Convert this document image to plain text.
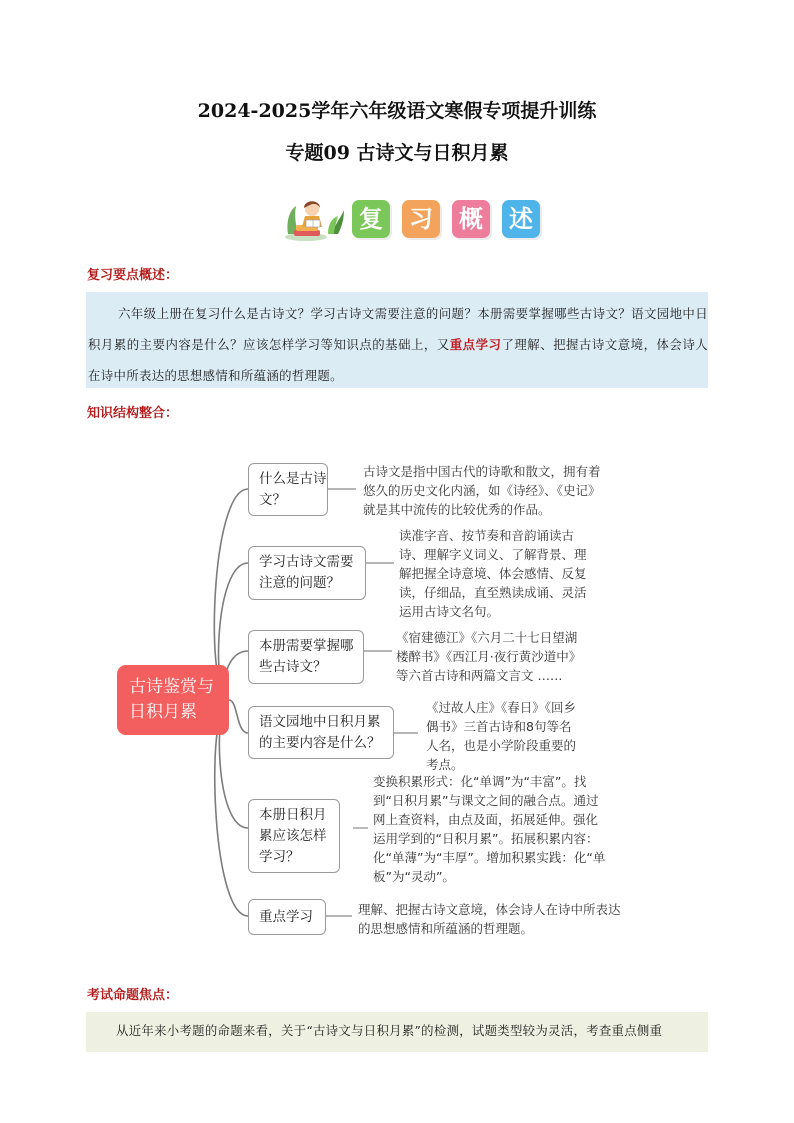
2024-2025学年六年级语文寒假专项提升训练
专题09 古诗文与日积月累
复 习 概 述
复习要点概述：
六年级上册在复习什么是古诗文？学习古诗文需要注意的问题？本册需要掌握哪些古诗文？语文园地中日积月累的主要内容是什么？应该怎样学习等知识点的基础上，又重点学习了理解、把握古诗文意境，体会诗人在诗中所表达的思想感情和所蕴涵的哲理题。
知识结构整合：
古诗鉴赏与日积月累
什么是古诗文？
古诗文是指中国古代的诗歌和散文，拥有着悠久的历史文化内涵，如《诗经》、《史记》就是其中流传的比较优秀的作品。
学习古诗文需要注意的问题？
读准字音、按节奏和音韵诵读古诗、理解字义词义、了解背景、理解把握全诗意境、体会感情、反复读，仔细品，直至熟读成诵、灵活运用古诗文名句。
本册需要掌握哪些古诗文？
《宿建德江》《六月二十七日望湖楼醉书》《西江月·夜行黄沙道中》等六首古诗和两篇文言文 ……
语文园地中日积月累的主要内容是什么？
《过故人庄》《春日》《回乡偶书》三首古诗和8句等名人名，也是小学阶段重要的考点。
本册日积月累应该怎样学习？
变换积累形式：化“单调”为“丰富”。找到“日积月累”与课文之间的融合点。通过网上查资料，由点及面，拓展延伸。强化运用学到的“日积月累”。拓展积累内容：化“单薄”为“丰厚”。增加积累实践：化“单板”为“灵动”。
重点学习	理解、把握古诗文意境，体会诗人在诗中所表达的思想感情和所蕴涵的哲理题。
考试命题焦点：
从近年来小考题的命题来看，关于“古诗文与日积月累”的检测，试题类型较为灵活，考查重点侧重
